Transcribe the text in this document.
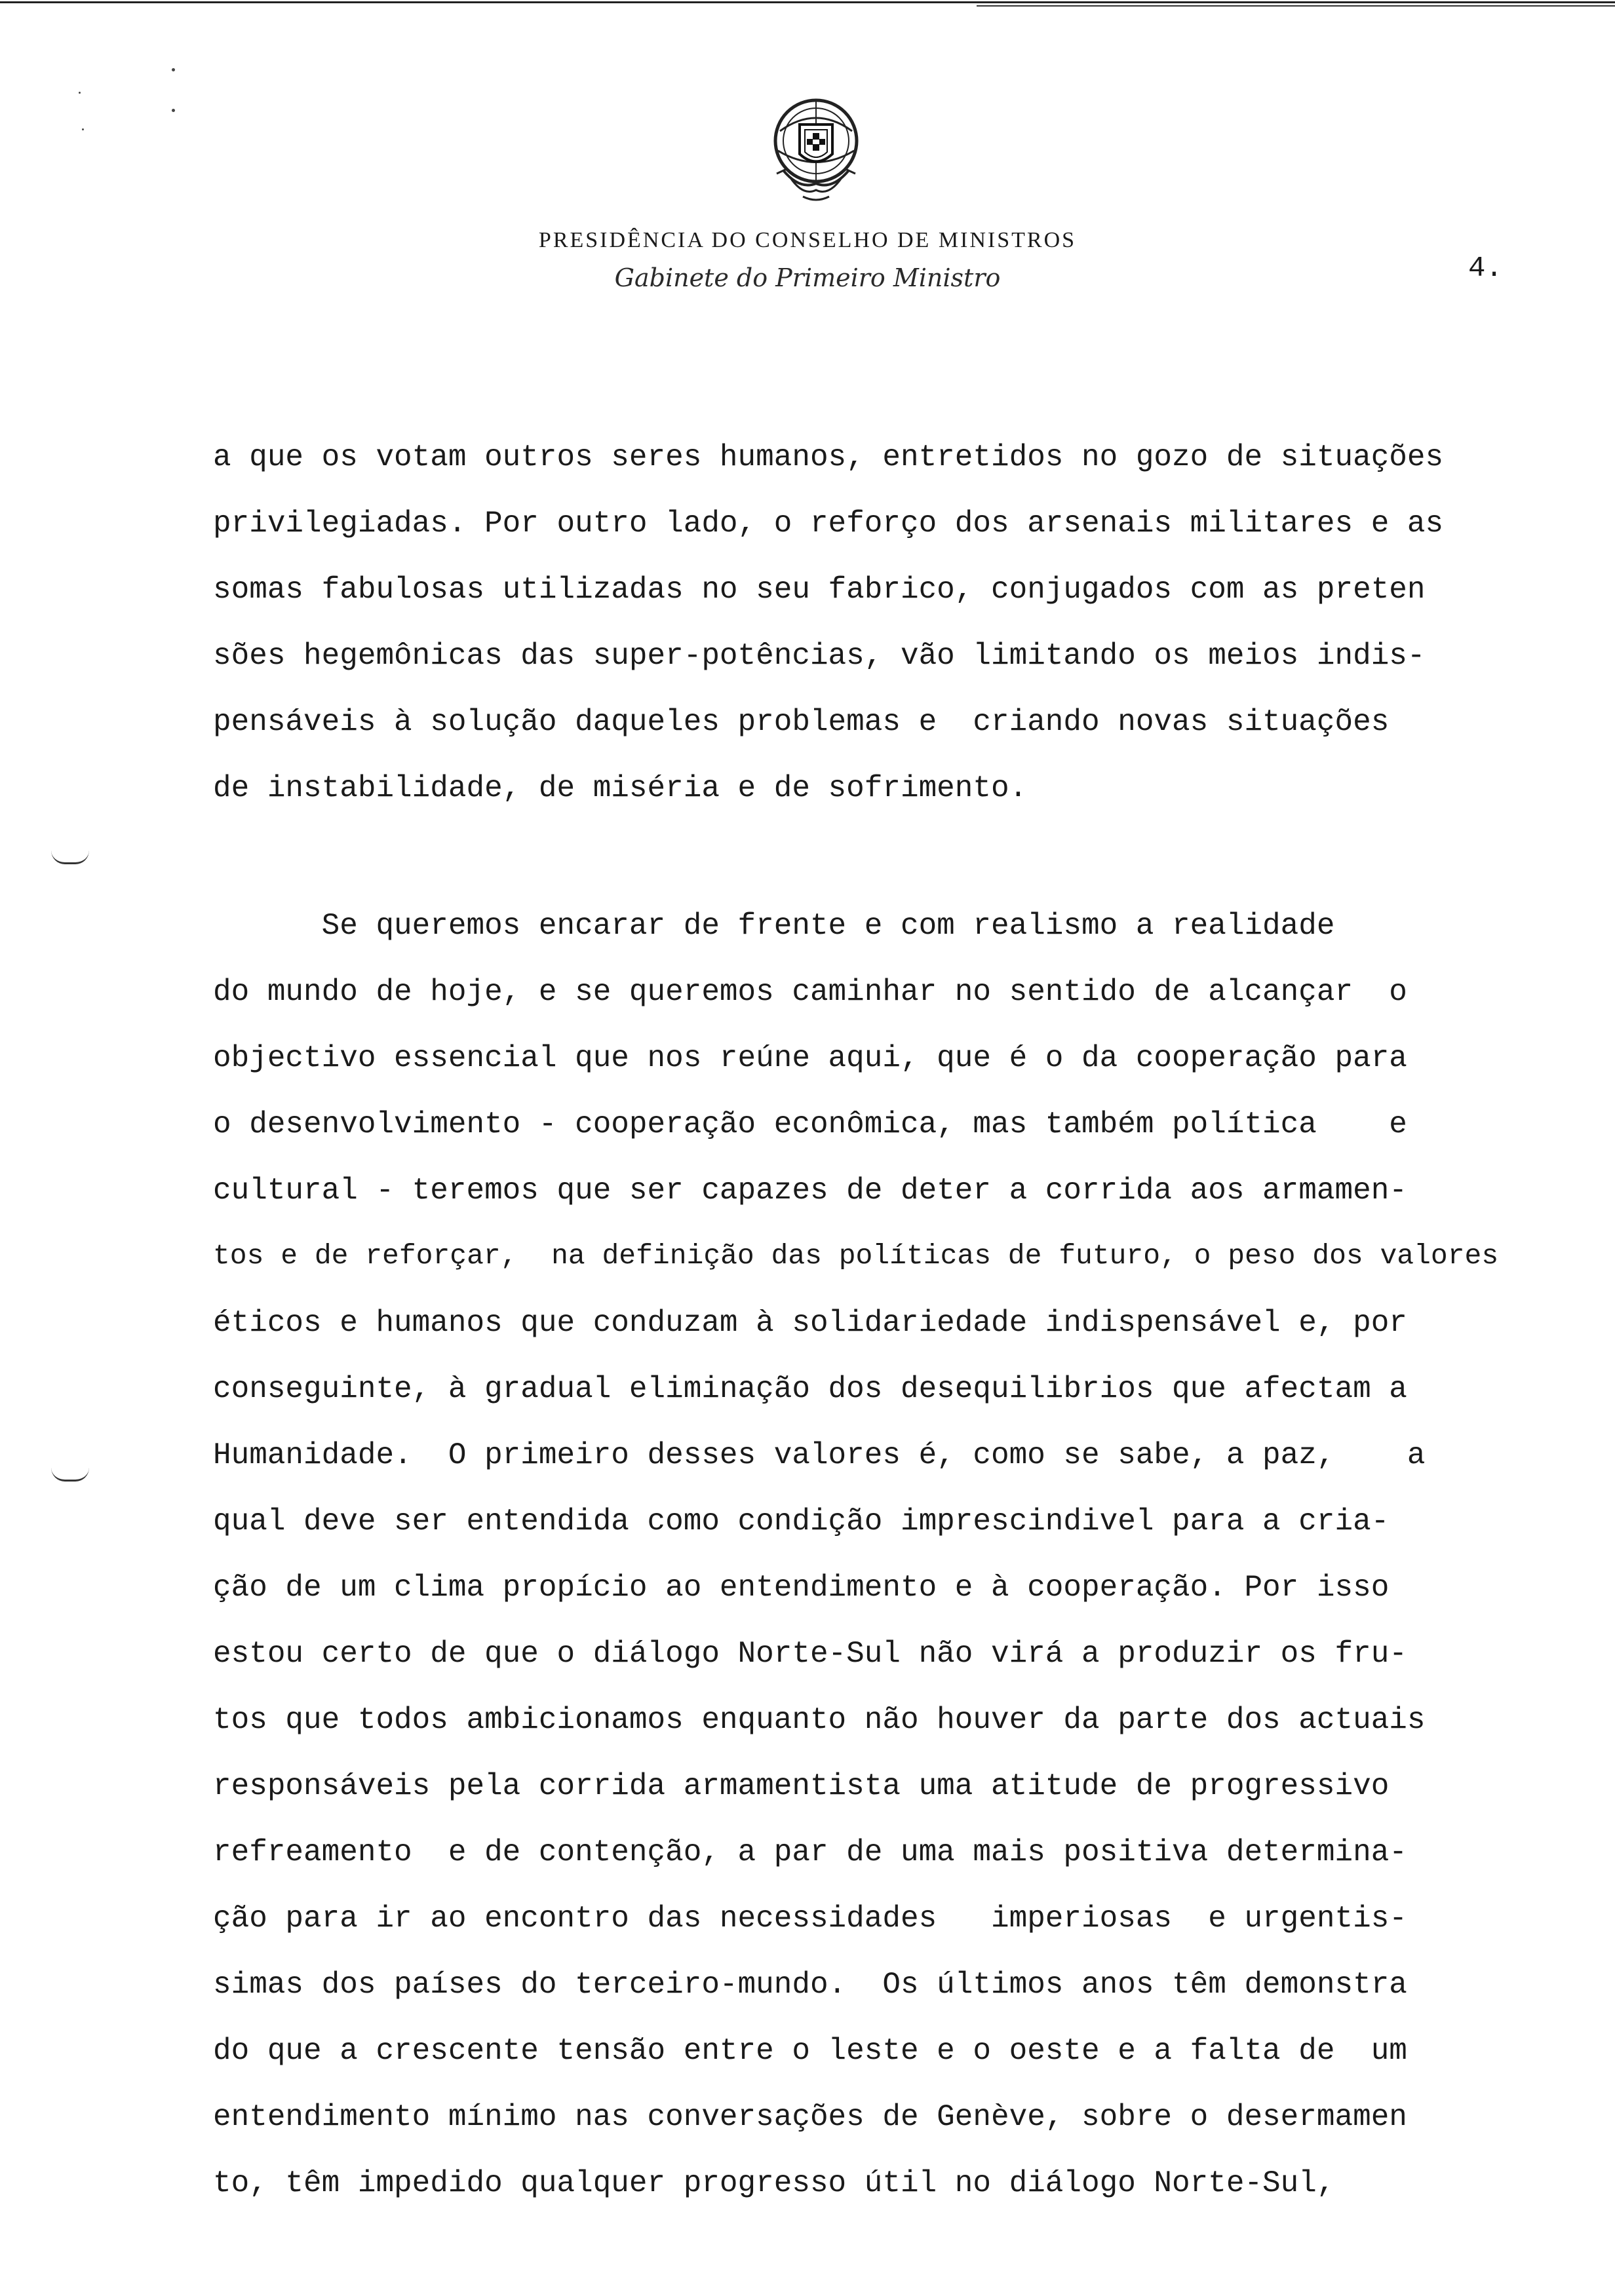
PRESIDÊNCIA DO CONSELHO DE MINISTROS
Gabinete do Primeiro Ministro	4.
a que os votam outros seres humanos, entretidos no gozo de situações
privilegiadas. Por outro lado, o reforço dos arsenais militares e as
somas fabulosas utilizadas no seu fabrico, conjugados com as preten
sões hegemônicas das super-potências, vão limitando os meios indis-
pensáveis à solução daqueles problemas e  criando novas situações
de instabilidade, de miséria e de sofrimento.
Se queremos encarar de frente e com realismo a realidade
do mundo de hoje, e se queremos caminhar no sentido de alcançar  o
objectivo essencial que nos reúne aqui, que é o da cooperação para
o desenvolvimento - cooperação econômica, mas também política    e
cultural - teremos que ser capazes de deter a corrida aos armamen-
tos e de reforçar,  na definição das políticas de futuro, o peso dos valores
éticos e humanos que conduzam à solidariedade indispensável e, por
conseguinte, à gradual eliminação dos desequilibrios que afectam a
Humanidade.  O primeiro desses valores é, como se sabe, a paz,    a
qual deve ser entendida como condição imprescindivel para a cria-
ção de um clima propício ao entendimento e à cooperação. Por isso
estou certo de que o diálogo Norte-Sul não virá a produzir os fru-
tos que todos ambicionamos enquanto não houver da parte dos actuais
responsáveis pela corrida armamentista uma atitude de progressivo
refreamento  e de contenção, a par de uma mais positiva determina-
ção para ir ao encontro das necessidades   imperiosas  e urgentis-
simas dos países do terceiro-mundo.  Os últimos anos têm demonstra
do que a crescente tensão entre o leste e o oeste e a falta de  um
entendimento mínimo nas conversações de Genève, sobre o desermamen
to, têm impedido qualquer progresso útil no diálogo Norte-Sul,
